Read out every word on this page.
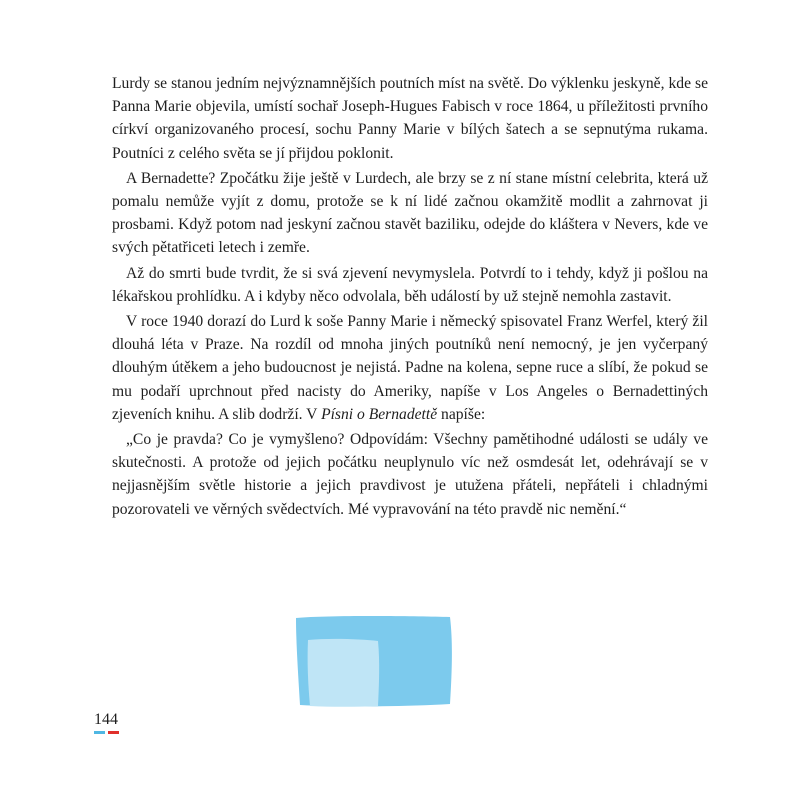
Lurdy se stanou jedním nejvýznamnějších poutních míst na světě. Do výklenku jeskyně, kde se Panna Marie objevila, umístí sochař Joseph-Hugues Fabisch v roce 1864, u příležitosti prvního církví organizovaného procesí, sochu Panny Marie v bílých šatech a se sepnutýma rukama. Poutníci z celého světa se jí přijdou poklonit.

A Bernadette? Zpočátku žije ještě v Lurdech, ale brzy se z ní stane místní celebrita, která už pomalu nemůže vyjít z domu, protože se k ní lidé začnou okamžitě modlit a zahrnovat ji prosbami. Když potom nad jeskyní začnou stavět baziliku, odejde do kláštera v Nevers, kde ve svých pětatřiceti letech i zemře.

Až do smrti bude tvrdit, že si svá zjevení nevymyslela. Potvrdí to i tehdy, když ji pošlou na lékařskou prohlídku. A i kdyby něco odvolala, běh událostí by už stejně nemohla zastavit.

V roce 1940 dorazí do Lurd k soše Panny Marie i německý spisovatel Franz Werfel, který žil dlouhá léta v Praze. Na rozdíl od mnoha jiných poutníků není nemocný, je jen vyčerpaný dlouhým útěkem a jeho budoucnost je nejistá. Padne na kolena, sepne ruce a slíbí, že pokud se mu podaří uprchnout před nacisty do Ameriky, napíše v Los Angeles o Bernadettiných zjeveních knihu. A slib dodrží. V Písni o Bernadettě napíše:

„Co je pravda? Co je vymyšleno? Odpovídám: Všechny pamětihodné události se udály ve skutečnosti. A protože od jejich počátku neuplynulo víc než osmdesát let, odehrávají se v nejjasnějším světle historie a jejich pravdivost je utužena přáteli, nepřáteli i chladnými pozorovateli ve věrných svědectvích. Mé vypravování na této pravdě nic nemění.“

144
